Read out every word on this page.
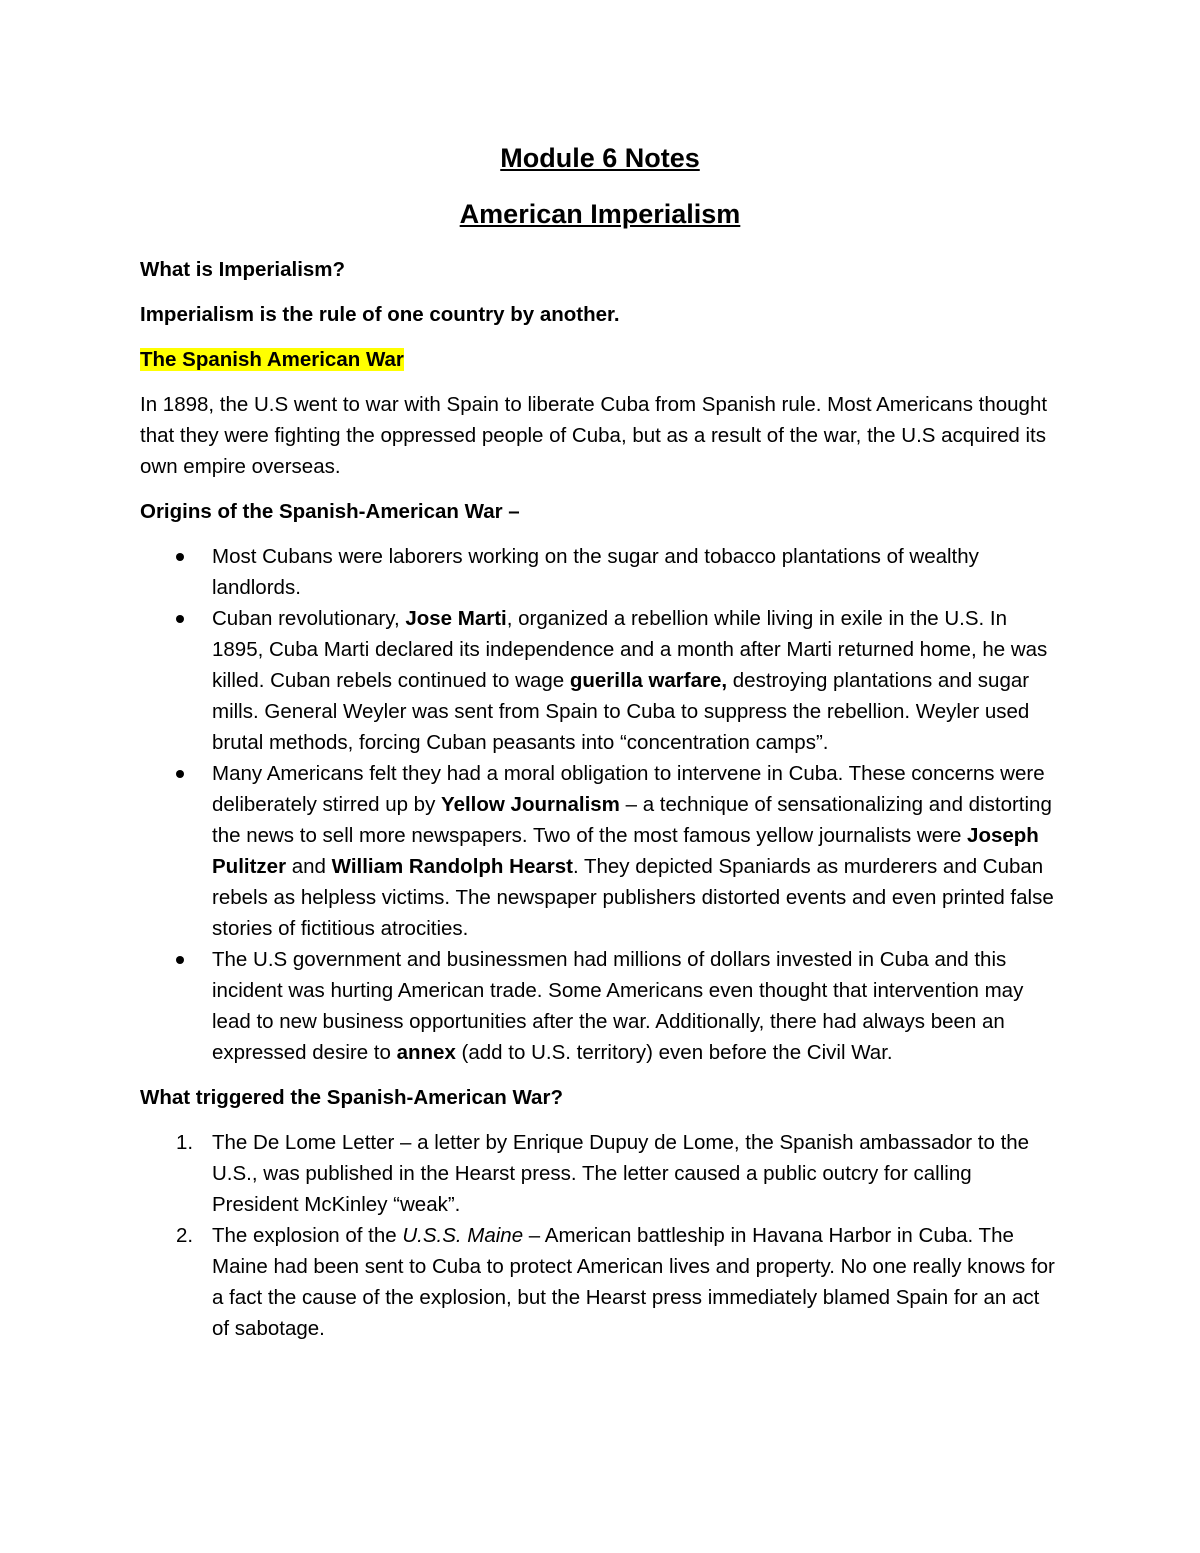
Module 6 Notes
American Imperialism

What is Imperialism?

Imperialism is the rule of one country by another.

The Spanish American War

In 1898, the U.S went to war with Spain to liberate Cuba from Spanish rule. Most Americans thought that they were fighting the oppressed people of Cuba, but as a result of the war, the U.S acquired its own empire overseas.

Origins of the Spanish-American War –

Most Cubans were laborers working on the sugar and tobacco plantations of wealthy landlords.
Cuban revolutionary, Jose Marti, organized a rebellion while living in exile in the U.S. In 1895, Cuba Marti declared its independence and a month after Marti returned home, he was killed. Cuban rebels continued to wage guerilla warfare, destroying plantations and sugar mills. General Weyler was sent from Spain to Cuba to suppress the rebellion. Weyler used brutal methods, forcing Cuban peasants into “concentration camps”.
Many Americans felt they had a moral obligation to intervene in Cuba. These concerns were deliberately stirred up by Yellow Journalism – a technique of sensationalizing and distorting the news to sell more newspapers. Two of the most famous yellow journalists were Joseph Pulitzer and William Randolph Hearst. They depicted Spaniards as murderers and Cuban rebels as helpless victims. The newspaper publishers distorted events and even printed false stories of fictitious atrocities.
The U.S government and businessmen had millions of dollars invested in Cuba and this incident was hurting American trade. Some Americans even thought that intervention may lead to new business opportunities after the war. Additionally, there had always been an expressed desire to annex (add to U.S. territory) even before the Civil War.

What triggered the Spanish-American War?

1. The De Lome Letter – a letter by Enrique Dupuy de Lome, the Spanish ambassador to the U.S., was published in the Hearst press. The letter caused a public outcry for calling President McKinley “weak”.
2. The explosion of the U.S.S. Maine – American battleship in Havana Harbor in Cuba. The Maine had been sent to Cuba to protect American lives and property. No one really knows for a fact the cause of the explosion, but the Hearst press immediately blamed Spain for an act of sabotage.
